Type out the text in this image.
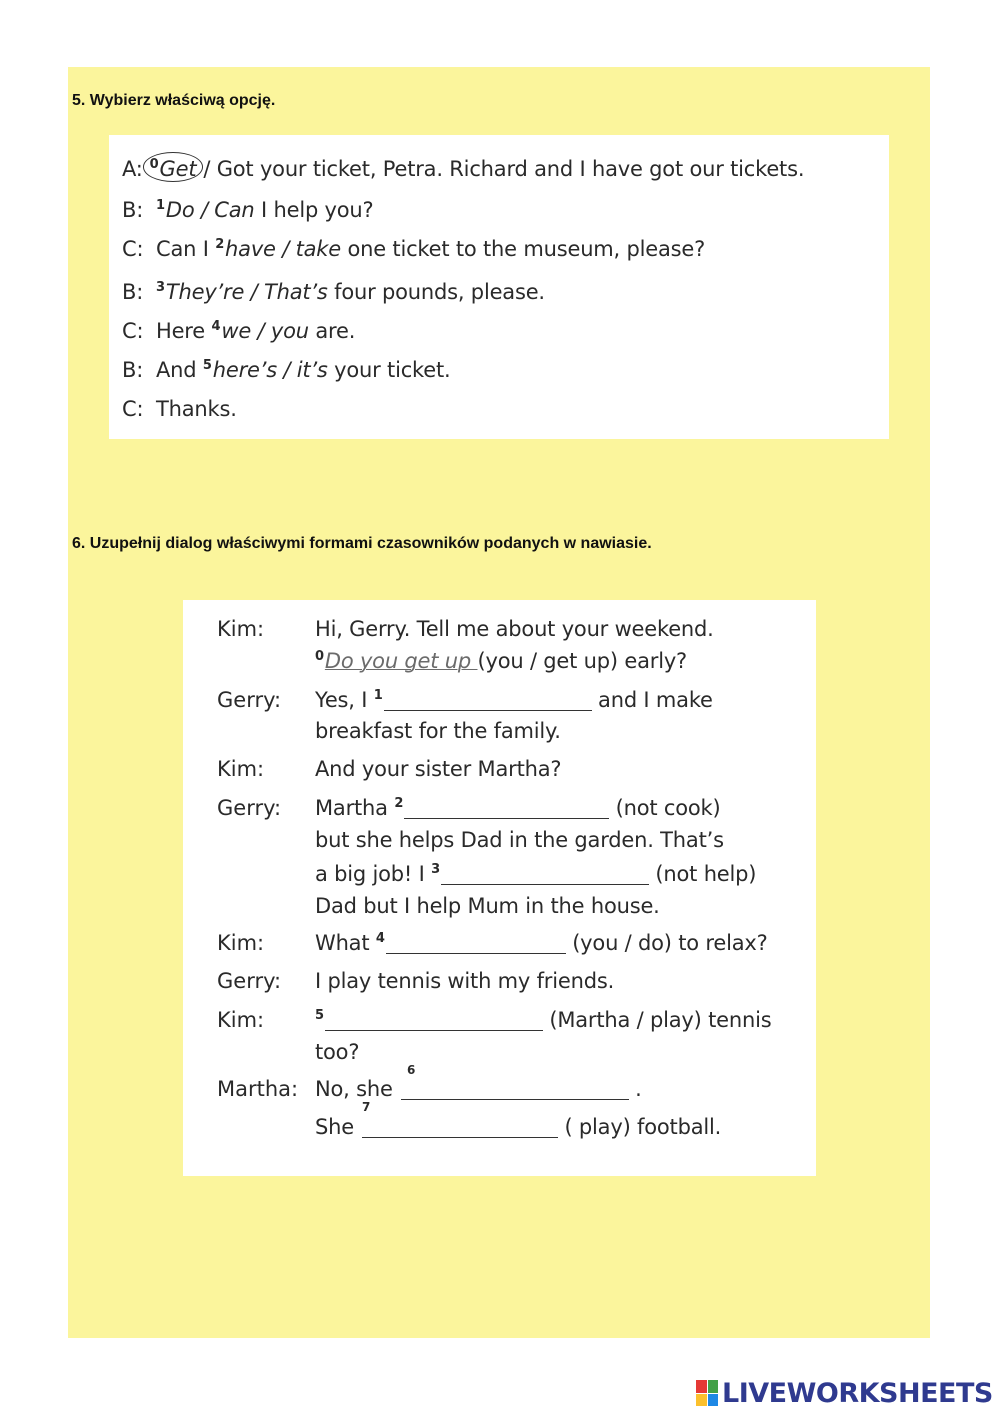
5. Wybierz właściwą opcję.
A: $^0$Get / Got your ticket, Petra. Richard and I have got our tickets.
B: $^1$Do / Can I help you?
C: Can I $^2$have / take one ticket to the museum, please?
B: $^3$They’re / That’s four pounds, please.
C: Here $^4$we / you are.
B: And $^5$here’s / it’s your ticket.
C: Thanks.
6. Uzupełnij dialog właściwymi formami czasowników podanych w nawiasie.
Kim: Hi, Gerry. Tell me about your weekend.
$^0$Do you get up (you / get up) early?
Gerry: Yes, I $^1$	and I make
breakfast for the family.
Kim: And your sister Martha?
Gerry: Martha $^2$	(not cook)
but she helps Dad in the garden. That’s
a big job! I $^3$	(not help)
Dad but I help Mum in the house.
Kim: What $^4$	(you / do) to relax?
Gerry: I play tennis with my friends.
Kim:	$^5$	(Martha / play) tennis
too?
Martha: No, she	.
6
She	( play) football.
7
LIVEWORKSHEETS
